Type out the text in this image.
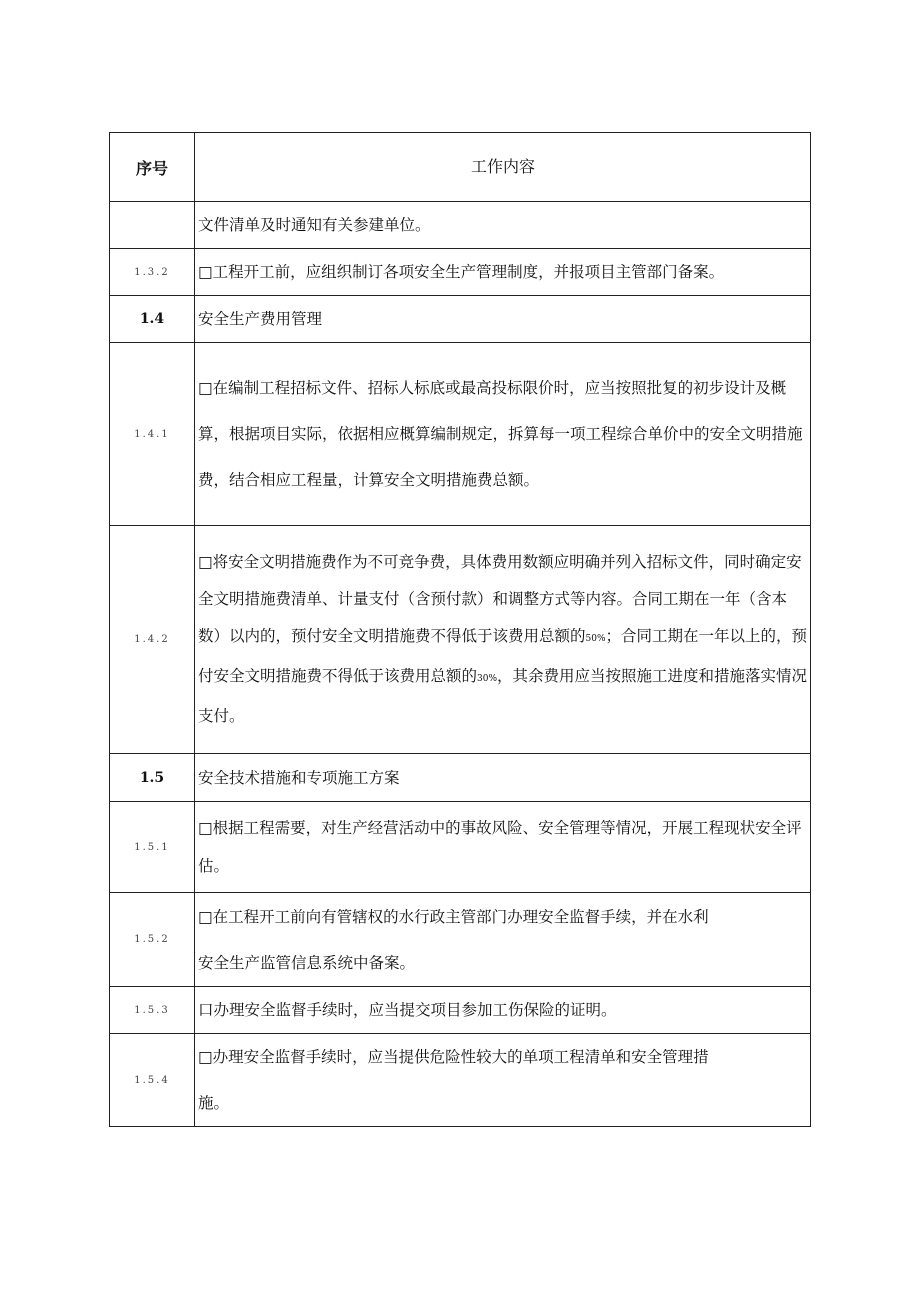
序号	工作内容
	文件清单及时通知有关参建单位。
1.3.2	□工程开工前，应组织制订各项安全生产管理制度，并报项目主管部门备案。
1.4	安全生产费用管理
1.4.1	□在编制工程招标文件、招标人标底或最高投标限价时，应当按照批复的初步设计及概算，根据项目实际，依据相应概算编制规定，拆算每一项工程综合单价中的安全文明措施费，结合相应工程量，计算安全文明措施费总额。
1.4.2	□将安全文明措施费作为不可竞争费，具体费用数额应明确并列入招标文件，同时确定安全文明措施费清单、计量支付（含预付款）和调整方式等内容。合同工期在一年（含本数）以内的，预付安全文明措施费不得低于该费用总额的50%；合同工期在一年以上的，预付安全文明措施费不得低于该费用总额的30%，其余费用应当按照施工进度和措施落实情况支付。
1.5	安全技术措施和专项施工方案
1.5.1	□根据工程需要，对生产经营活动中的事故风险、安全管理等情况，开展工程现状安全评估。
1.5.2	□在工程开工前向有管辖权的水行政主管部门办理安全监督手续，并在水利
安全生产监管信息系统中备案。

1.5.3	口办理安全监督手续时，应当提交项目参加工伤保险的证明。
1.5.4	□办理安全监督手续时，应当提供危险性较大的单项工程清单和安全管理措
施。
